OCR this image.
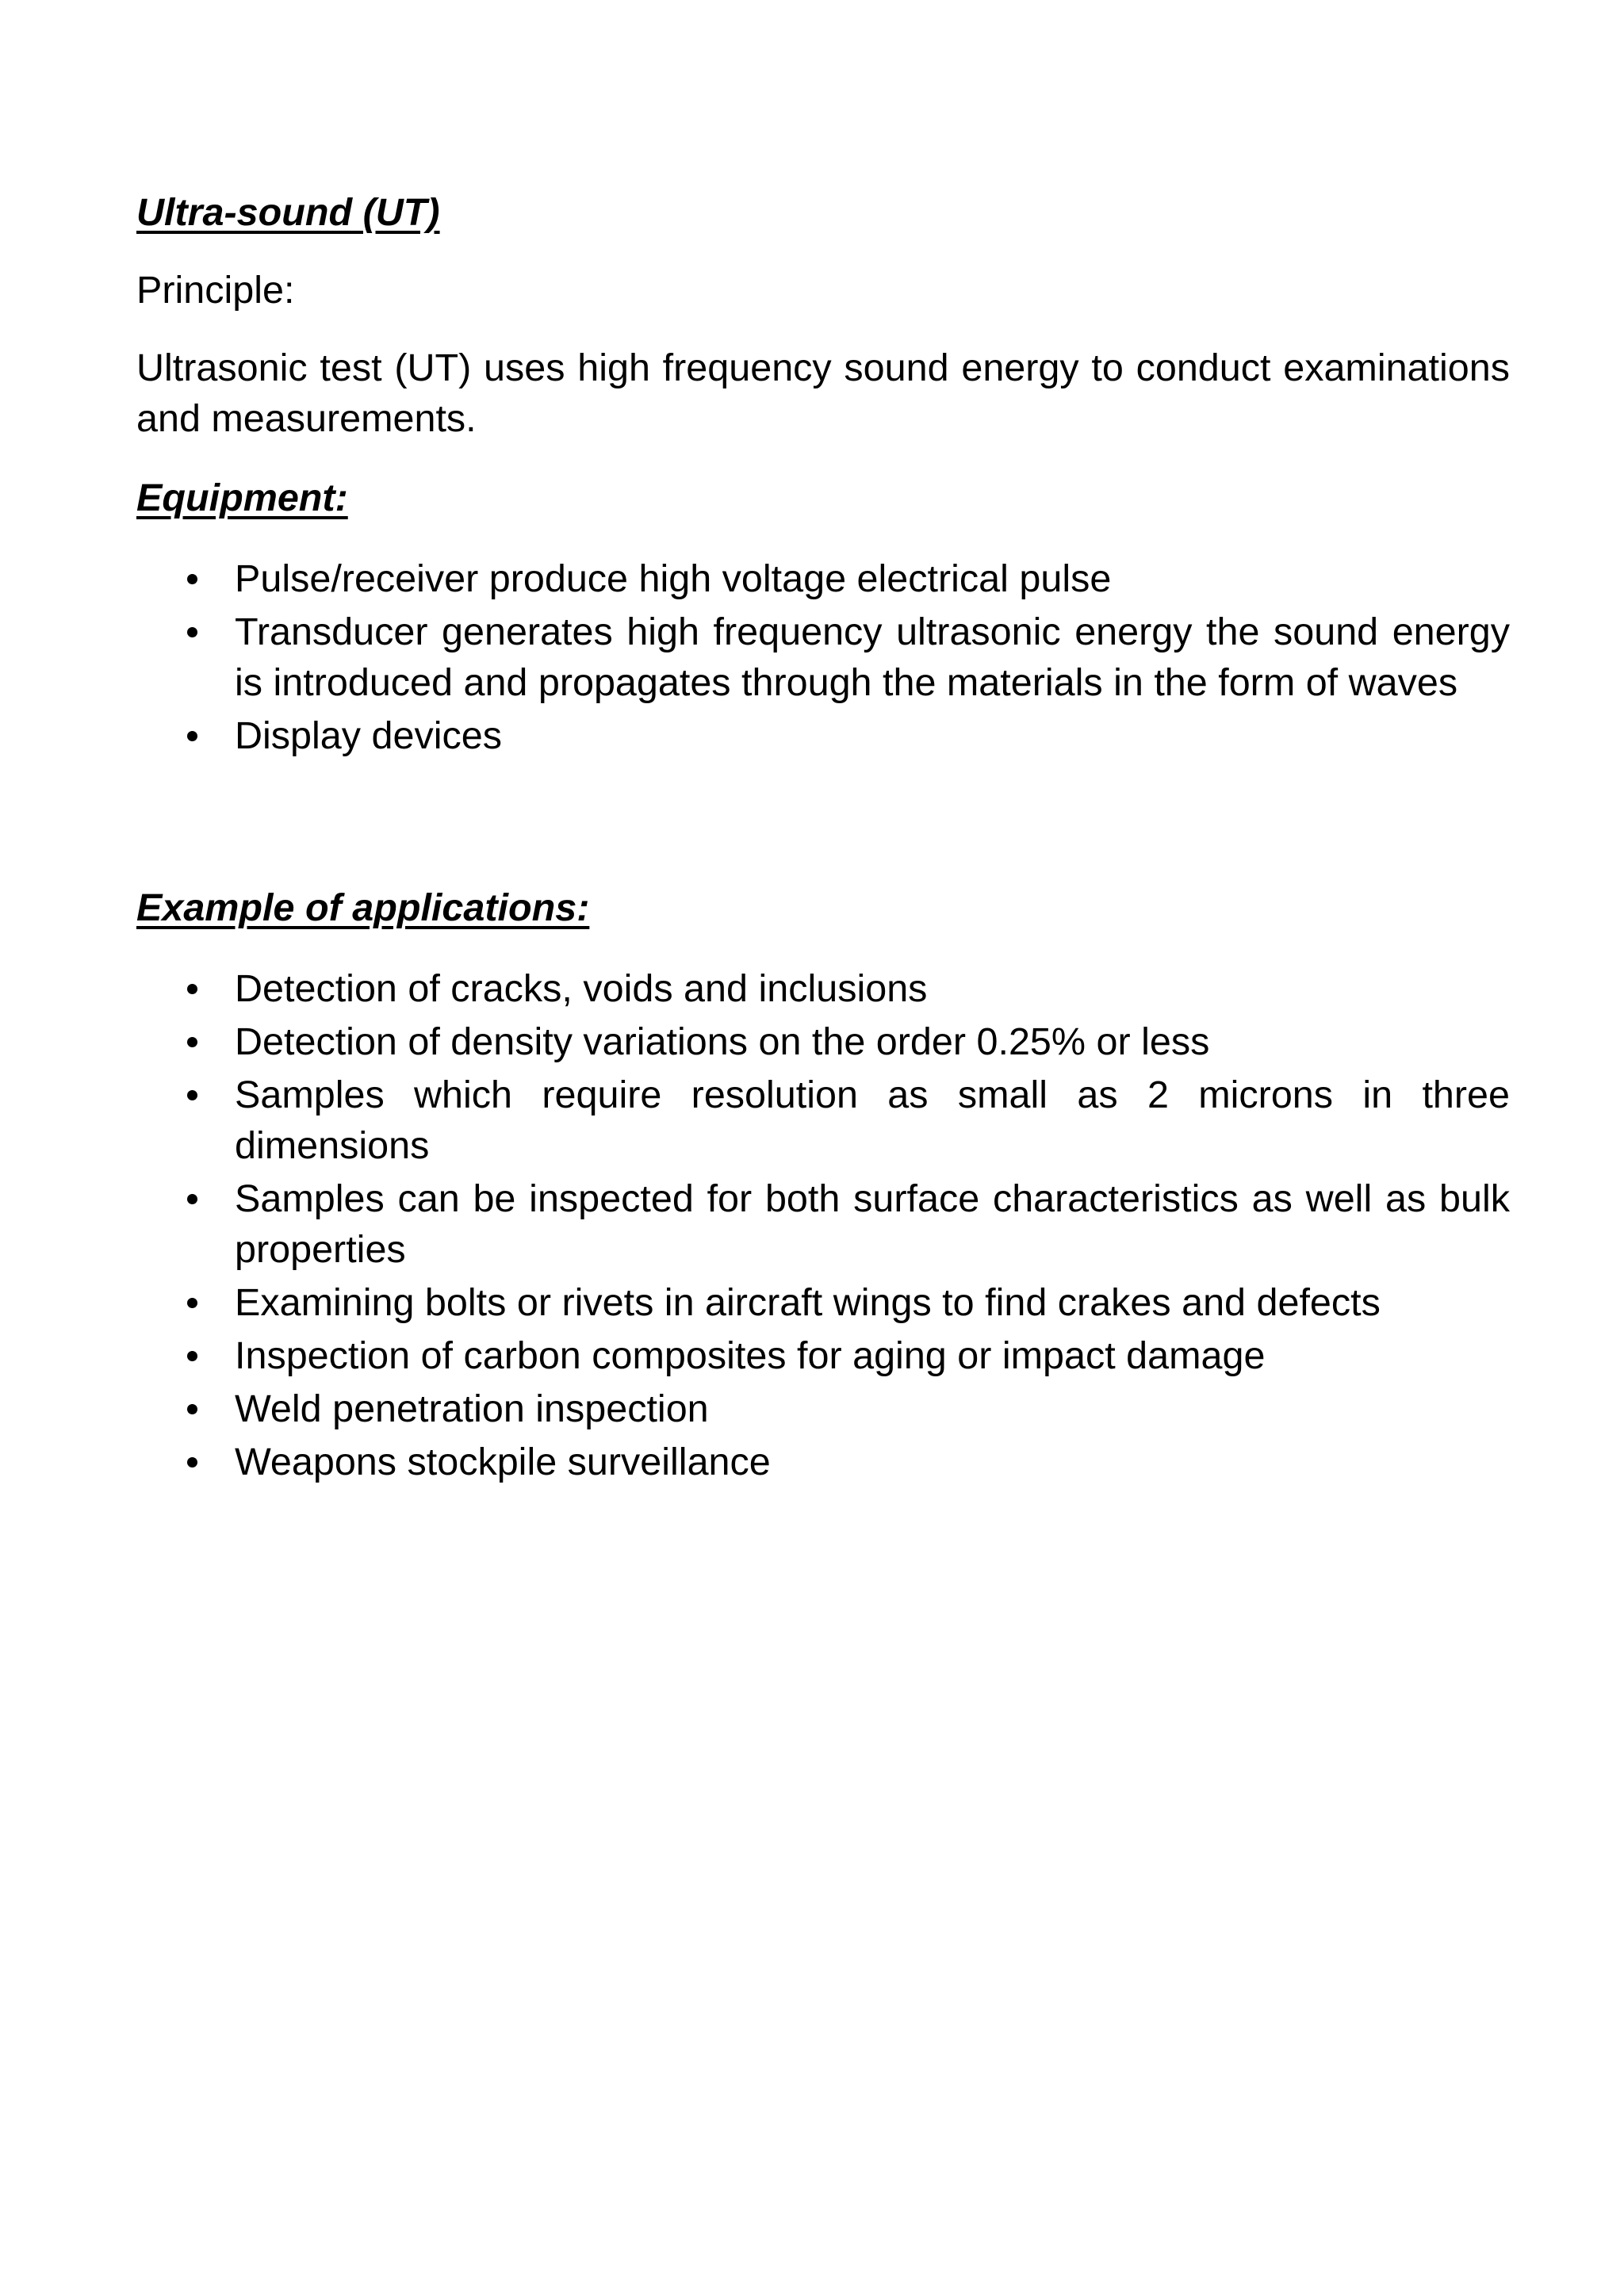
Ultra-sound (UT)

Principle:

Ultrasonic test (UT) uses high frequency sound energy to conduct examinations and measurements.

Equipment:

Pulse/receiver produce high voltage electrical pulse
Transducer generates high frequency ultrasonic energy the sound energy is introduced and propagates through the materials in the form of waves
Display devices

Example of applications:

Detection of cracks, voids and inclusions
Detection of density variations on the order 0.25% or less
Samples which require resolution as small as 2 microns in three dimensions
Samples can be inspected for both surface characteristics as well as bulk properties
Examining bolts or rivets in aircraft wings to find crakes and defects
Inspection of carbon composites for aging or impact damage
Weld penetration inspection
Weapons stockpile surveillance
